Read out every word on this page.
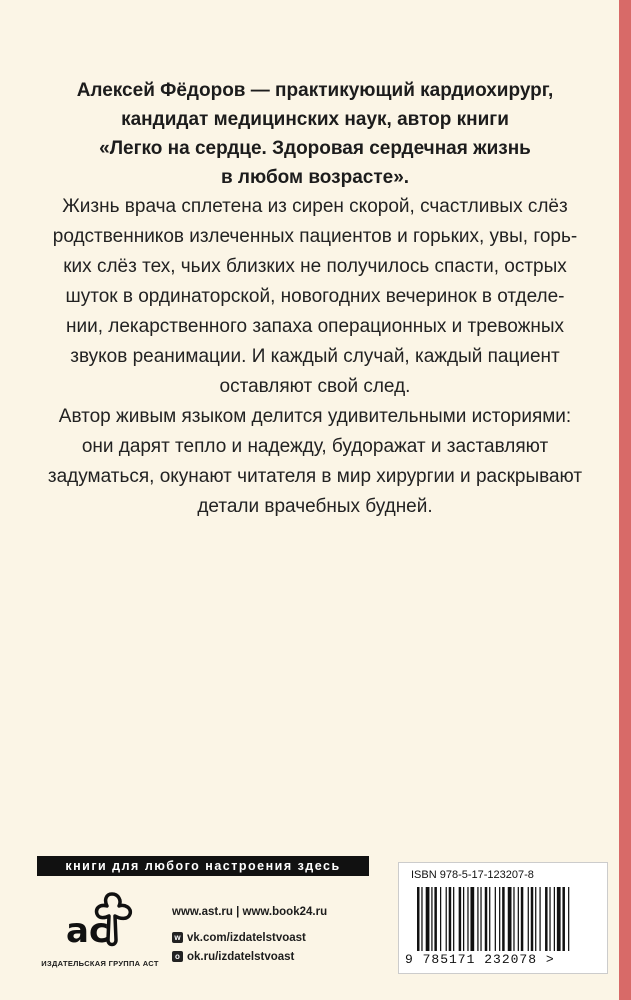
Алексей Фёдоров — практикующий кардиохирург,
кандидат медицинских наук, автор книги
«Легко на сердце. Здоровая сердечная жизнь
в любом возрасте».
Жизнь врача сплетена из сирен скорой, счастливых слёз
родственников излеченных пациентов и горьких, увы, горь-
ких слёз тех, чьих близких не получилось спасти, острых
шуток в ординаторской, новогодних вечеринок в отделе-
нии, лекарственного запаха операционных и тревожных
звуков реанимации. И каждый случай, каждый пациент
оставляют свой след.
Автор живым языком делится удивительными историями:
они дарят тепло и надежду, будоражат и заставляют
задуматься, окунают читателя в мир хирургии и раскрывают
детали врачебных будней.
книги для любого настроения здесь
ac
ИЗДАТЕЛЬСКАЯ ГРУППА АСТ
www.ast.ru | www.book24.ru
w vk.com/izdatelstvoast
o ok.ru/izdatelstvoast
ISBN 978-5-17-123207-8
9 785171 232078 >
